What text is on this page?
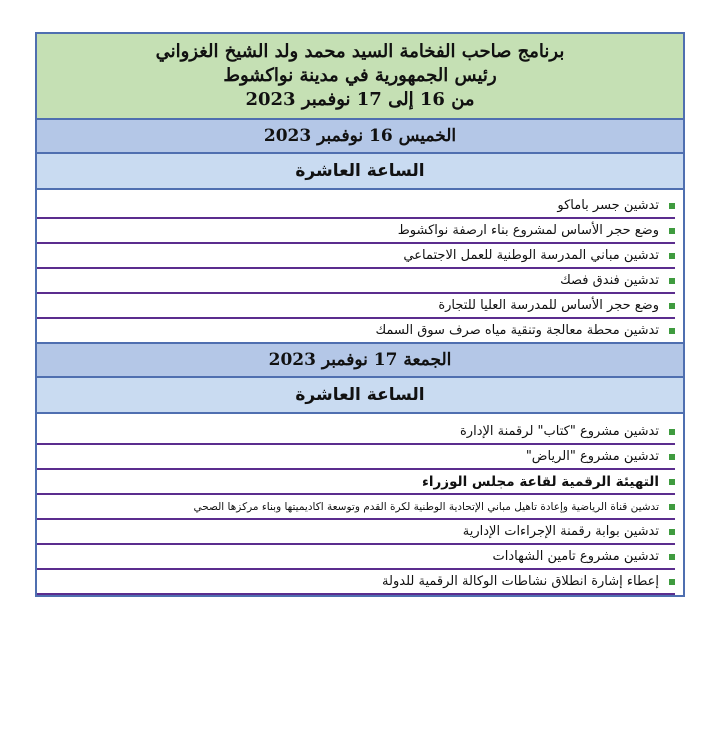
برنامج صاحب الفخامة السيد محمد ولد الشيخ الغزواني
رئيس الجمهورية في مدينة نواكشوط
من 16 إلى 17 نوفمبر 2023
الخميس 16 نوفمبر 2023
الساعة العاشرة
تدشين جسر باماكو
وضع حجر الأساس لمشروع بناء ارصفة نواكشوط
تدشين مباني المدرسة الوطنية للعمل الاجتماعي
تدشين فندق فصك
وضع حجر الأساس للمدرسة العليا للتجارة
تدشين محطة معالجة وتنقية مياه صرف سوق السمك
الجمعة 17 نوفمبر 2023
الساعة العاشرة
تدشين مشروع "كتاب" لرقمنة الإدارة
تدشين مشروع "الرياض"
التهيئة الرقمية لقاعة مجلس الوزراء
تدشين قناة الرياضية وإعادة تاهيل مباني الإتحادية الوطنية لكرة القدم وتوسعة اكاديميتها وبناء مركزها الصحي
تدشين بوابة رقمنة الإجراءات الإدارية
تدشين مشروع تامين الشهادات
إعطاء إشارة انطلاق نشاطات الوكالة الرقمية للدولة
